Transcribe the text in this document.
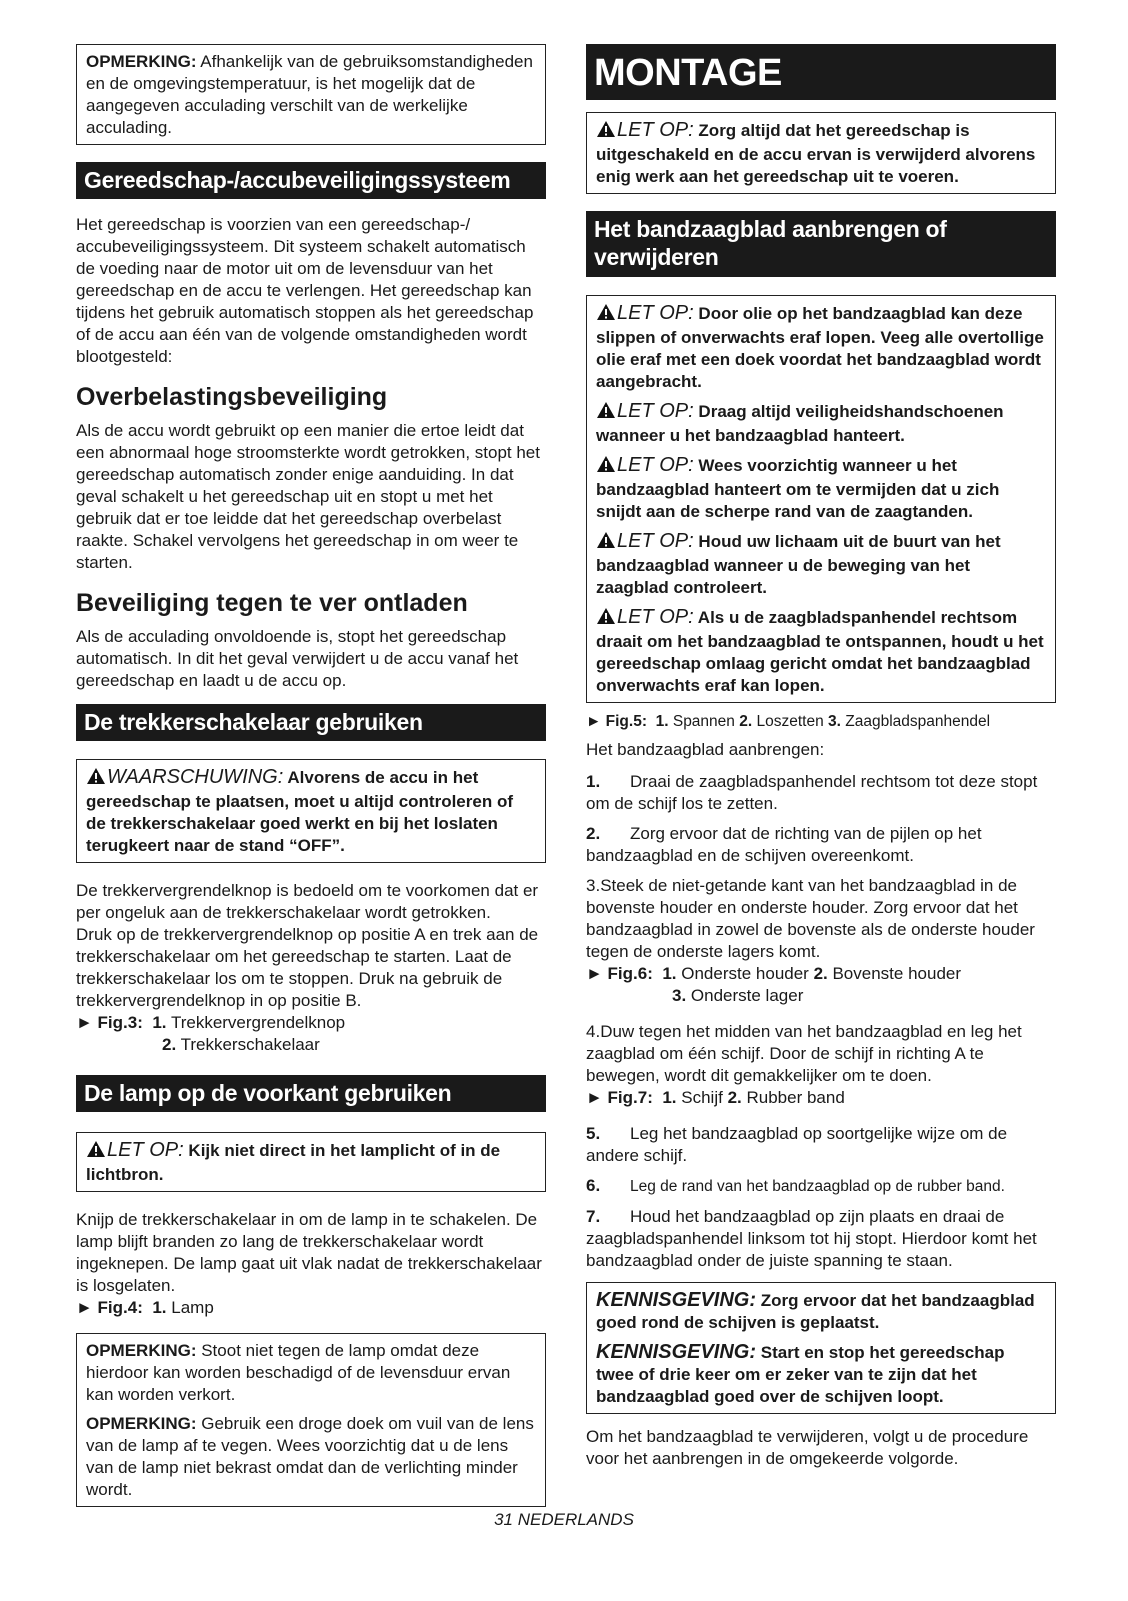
OPMERKING: Afhankelijk van de gebruiksomstandigheden en de omgevingstemperatuur, is het mogelijk dat de aangegeven acculading verschilt van de werkelijke acculading.

Gereedschap-/accubeveiligingssysteem

Het gereedschap is voorzien van een gereedschap-/ accubeveiligingssysteem. Dit systeem schakelt automatisch de voeding naar de motor uit om de levensduur van het gereedschap en de accu te verlengen. Het gereedschap kan tijdens het gebruik automatisch stoppen als het gereedschap of de accu aan één van de volgende omstandigheden wordt blootgesteld:

Overbelastingsbeveiliging

Als de accu wordt gebruikt op een manier die ertoe leidt dat een abnormaal hoge stroomsterkte wordt getrokken, stopt het gereedschap automatisch zonder enige aanduiding. In dat geval schakelt u het gereedschap uit en stopt u met het gebruik dat er toe leidde dat het gereedschap overbelast raakte. Schakel vervolgens het gereedschap in om weer te starten.

Beveiliging tegen te ver ontladen

Als de acculading onvoldoende is, stopt het gereedschap automatisch. In dit het geval verwijdert u de accu vanaf het gereedschap en laadt u de accu op.

De trekkerschakelaar gebruiken

WAARSCHUWING: Alvorens de accu in het gereedschap te plaatsen, moet u altijd controleren of de trekkerschakelaar goed werkt en bij het loslaten terugkeert naar de stand “OFF”.

De trekkervergrendelknop is bedoeld om te voorkomen dat er per ongeluk aan de trekkerschakelaar wordt getrokken.

Druk op de trekkervergrendelknop op positie A en trek aan de trekkerschakelaar om het gereedschap te starten. Laat de trekkerschakelaar los om te stoppen. Druk na gebruik de trekkervergrendelknop in op positie B.

► Fig.3: 1. Trekkervergrendelknop
2. Trekkerschakelaar
De lamp op de voorkant gebruiken

LET OP: Kijk niet direct in het lamplicht of in de lichtbron.

Knijp de trekkerschakelaar in om de lamp in te schakelen. De lamp blijft branden zo lang de trekkerschakelaar wordt ingeknepen. De lamp gaat uit vlak nadat de trekkerschakelaar is losgelaten.

► Fig.4: 1. Lamp

OPMERKING: Stoot niet tegen de lamp omdat deze hierdoor kan worden beschadigd of de levensduur ervan kan worden verkort.

OPMERKING: Gebruik een droge doek om vuil van de lens van de lamp af te vegen. Wees voorzichtig dat u de lens van de lamp niet bekrast omdat dan de verlichting minder wordt.

MONTAGE

LET OP: Zorg altijd dat het gereedschap is uitgeschakeld en de accu ervan is verwijderd alvorens enig werk aan het gereedschap uit te voeren.

Het bandzaagblad aanbrengen of verwijderen

LET OP: Door olie op het bandzaagblad kan deze slippen of onverwachts eraf lopen. Veeg alle overtollige olie eraf met een doek voordat het bandzaagblad wordt aangebracht.

LET OP: Draag altijd veiligheidshandschoenen wanneer u het bandzaagblad hanteert.

LET OP: Wees voorzichtig wanneer u het bandzaagblad hanteert om te vermijden dat u zich snijdt aan de scherpe rand van de zaagtanden.

LET OP: Houd uw lichaam uit de buurt van het bandzaagblad wanneer u de beweging van het zaagblad controleert.

LET OP: Als u de zaagbladspanhendel rechtsom draait om het bandzaagblad te ontspannen, houdt u het gereedschap omlaag gericht omdat het bandzaagblad onverwachts eraf kan lopen.

► Fig.5: 1. Spannen 2. Loszetten 3. Zaagbladspanhendel

Het bandzaagblad aanbrengen:

1. Draai de zaagbladspanhendel rechtsom tot deze stopt om de schijf los te zetten.

2. Zorg ervoor dat de richting van de pijlen op het bandzaagblad en de schijven overeenkomt.

3.Steek de niet-getande kant van het bandzaagblad in de bovenste houder en onderste houder. Zorg ervoor dat het bandzaagblad in zowel de bovenste als de onderste houder tegen de onderste lagers komt.

► Fig.6: 1. Onderste houder 2. Bovenste houder
3. Onderste lager

4.Duw tegen het midden van het bandzaagblad en leg het zaagblad om één schijf. Door de schijf in richting A te bewegen, wordt dit gemakkelijker om te doen.

► Fig.7: 1. Schijf 2. Rubber band

5. Leg het bandzaagblad op soortgelijke wijze om de andere schijf.

6. Leg de rand van het bandzaagblad op de rubber band.

7. Houd het bandzaagblad op zijn plaats en draai de zaagbladspanhendel linksom tot hij stopt. Hierdoor komt het bandzaagblad onder de juiste spanning te staan.

KENNISGEVING: Zorg ervoor dat het bandzaagblad goed rond de schijven is geplaatst.

KENNISGEVING: Start en stop het gereedschap twee of drie keer om er zeker van te zijn dat het bandzaagblad goed over de schijven loopt.

Om het bandzaagblad te verwijderen, volgt u de procedure voor het aanbrengen in de omgekeerde volgorde.

31 NEDERLANDS
